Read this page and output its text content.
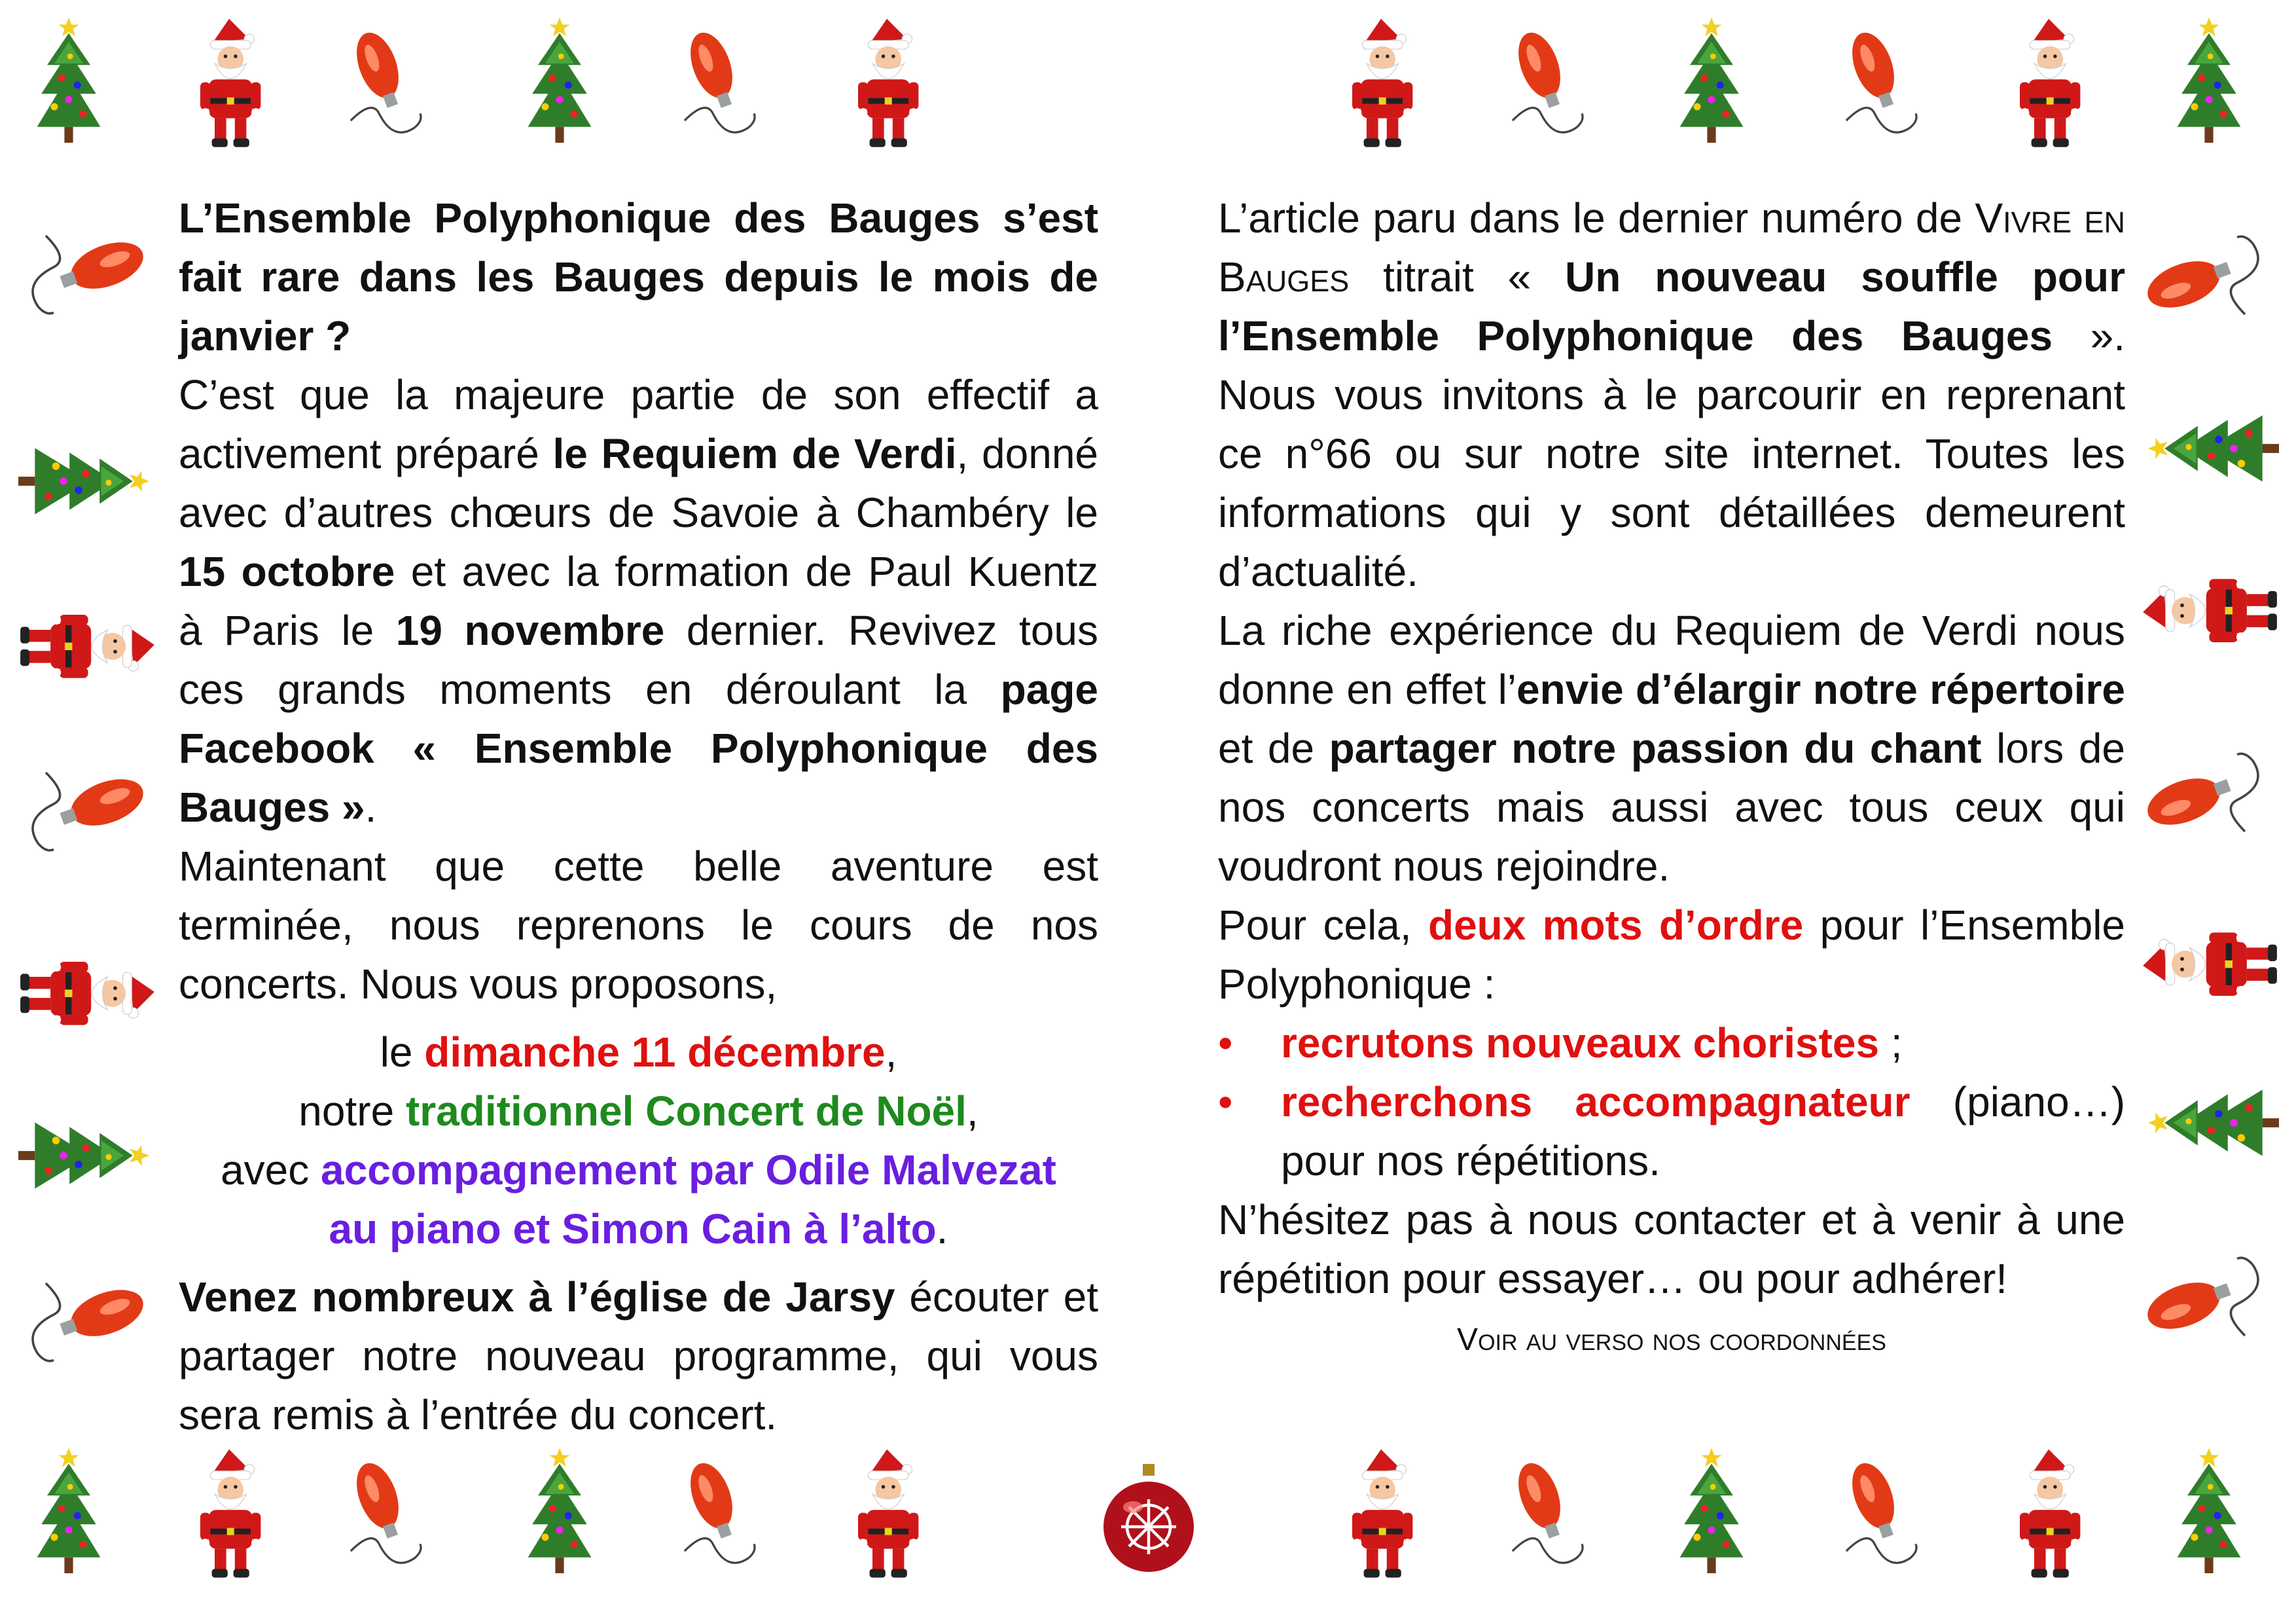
L’Ensemble Polyphonique des Bauges s’est fait rare dans les Bauges depuis le mois de janvier ?

C’est que la majeure partie de son effectif a activement préparé le Requiem de Verdi, donné avec d’autres chœurs de Savoie à Chambéry le 15 octobre et avec la formation de Paul Kuentz à Paris le 19 novembre dernier. Revivez tous ces grands moments en déroulant la page Facebook « Ensemble Polyphonique des Bauges ».

Maintenant que cette belle aventure est terminée, nous reprenons le cours de nos concerts. Nous vous proposons,

le dimanche 11 décembre,

notre traditionnel Concert de Noël,

avec accompagnement par Odile Malvezat

au piano et Simon Cain à l’alto.

Venez nombreux à l’église de Jarsy écouter et partager notre nouveau programme, qui vous sera remis à l’entrée du concert.

L’article paru dans le dernier numéro de Vivre en Bauges titrait « Un nouveau souffle pour l’Ensemble Polyphonique des Bauges ». Nous vous invitons à le parcourir en reprenant ce n°66 ou sur notre site internet. Toutes les informations qui y sont détaillées demeurent d’actualité.

La riche expérience du Requiem de Verdi nous donne en effet l’envie d’élargir notre répertoire et de partager notre passion du chant lors de nos concerts mais aussi avec tous ceux qui voudront nous rejoindre.

Pour cela, deux mots d’ordre pour l’Ensemble Polyphonique :

•	recrutons nouveaux choristes ;
•	recherchons accompagnateur (piano…) pour nos répétitions.

N’hésitez pas à nous contacter et à venir à une répétition pour essayer… ou pour adhérer!

Voir au verso nos coordonnées
